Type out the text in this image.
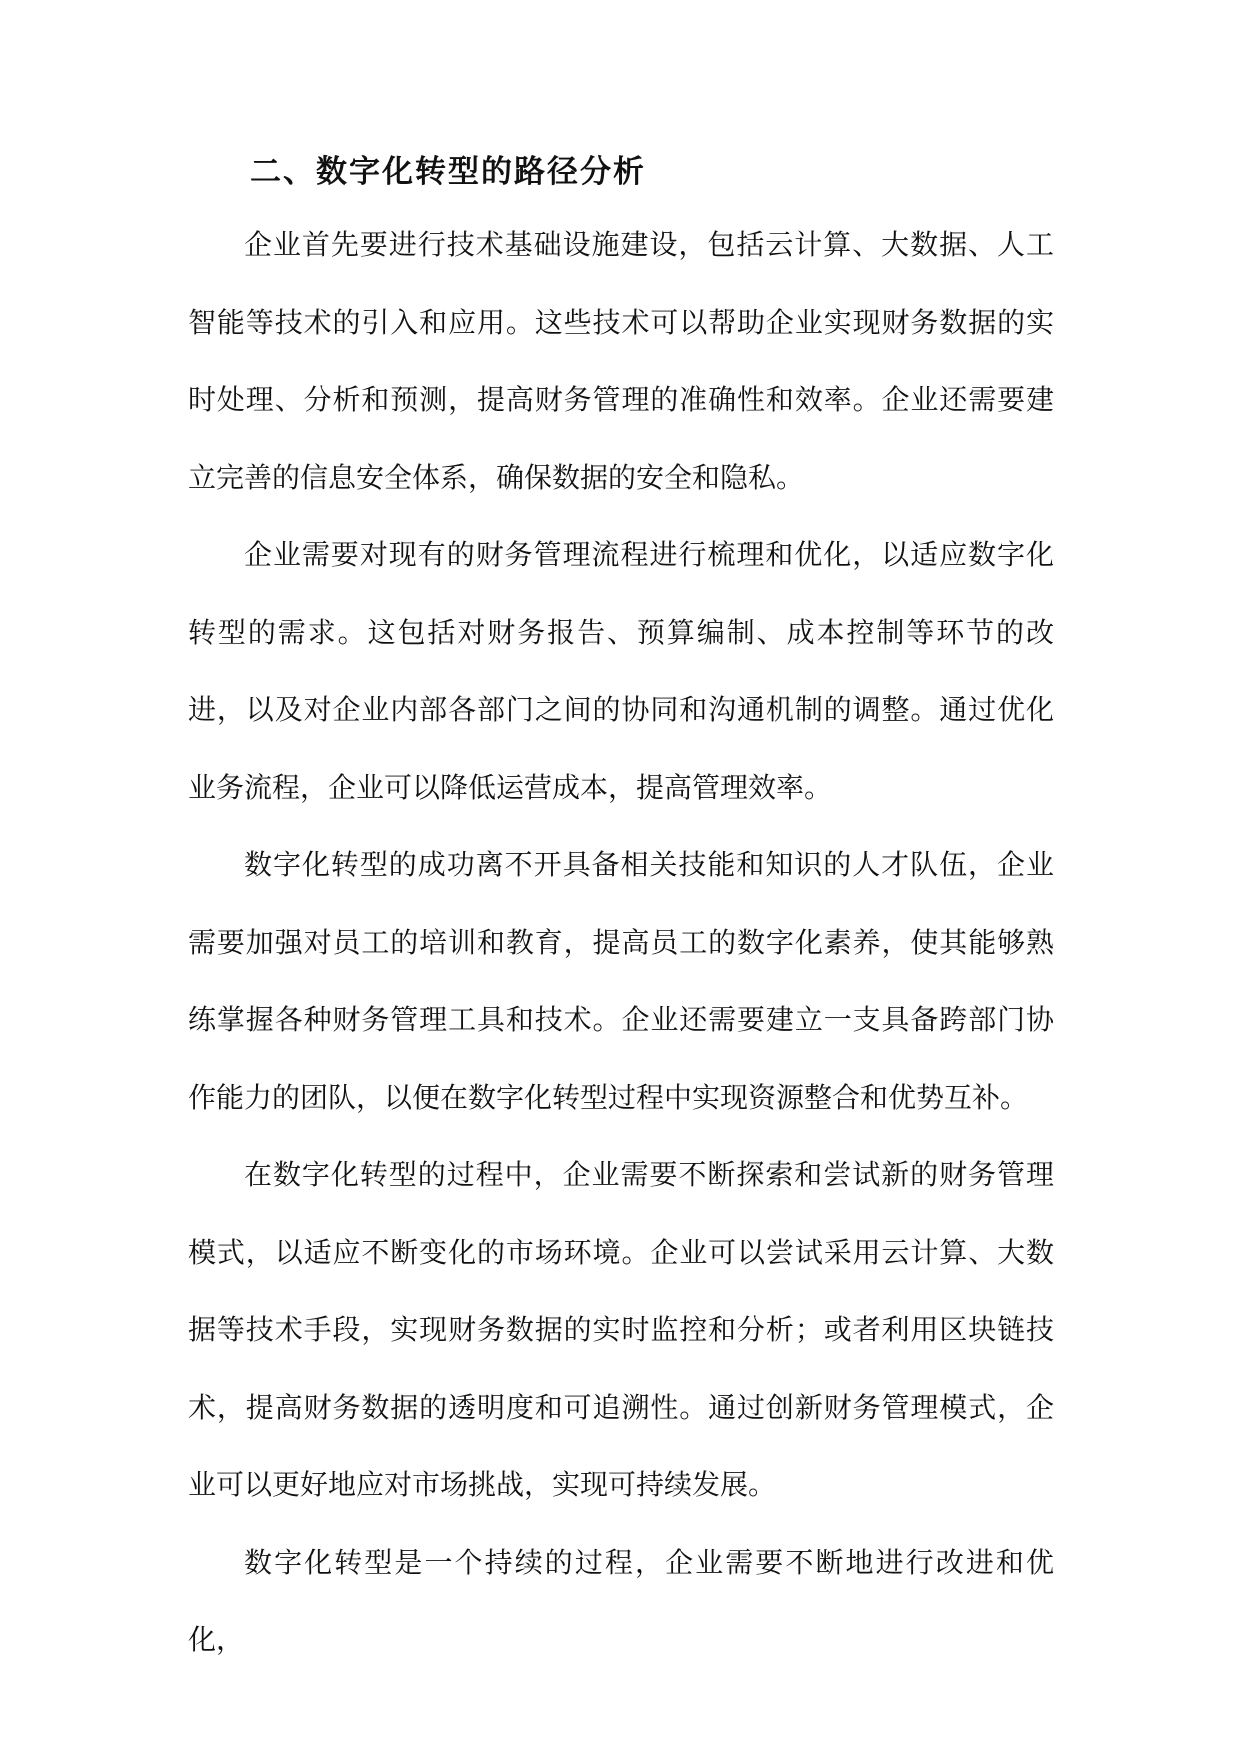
二、数字化转型的路径分析

企业首先要进行技术基础设施建设，包括云计算、大数据、人工智能等技术的引入和应用。这些技术可以帮助企业实现财务数据的实时处理、分析和预测，提高财务管理的准确性和效率。企业还需要建立完善的信息安全体系，确保数据的安全和隐私。

企业需要对现有的财务管理流程进行梳理和优化，以适应数字化转型的需求。这包括对财务报告、预算编制、成本控制等环节的改进，以及对企业内部各部门之间的协同和沟通机制的调整。通过优化业务流程，企业可以降低运营成本，提高管理效率。

数字化转型的成功离不开具备相关技能和知识的人才队伍，企业需要加强对员工的培训和教育，提高员工的数字化素养，使其能够熟练掌握各种财务管理工具和技术。企业还需要建立一支具备跨部门协作能力的团队，以便在数字化转型过程中实现资源整合和优势互补。

在数字化转型的过程中，企业需要不断探索和尝试新的财务管理模式，以适应不断变化的市场环境。企业可以尝试采用云计算、大数据等技术手段，实现财务数据的实时监控和分析；或者利用区块链技术，提高财务数据的透明度和可追溯性。通过创新财务管理模式，企业可以更好地应对市场挑战，实现可持续发展。

数字化转型是一个持续的过程，企业需要不断地进行改进和优化，
